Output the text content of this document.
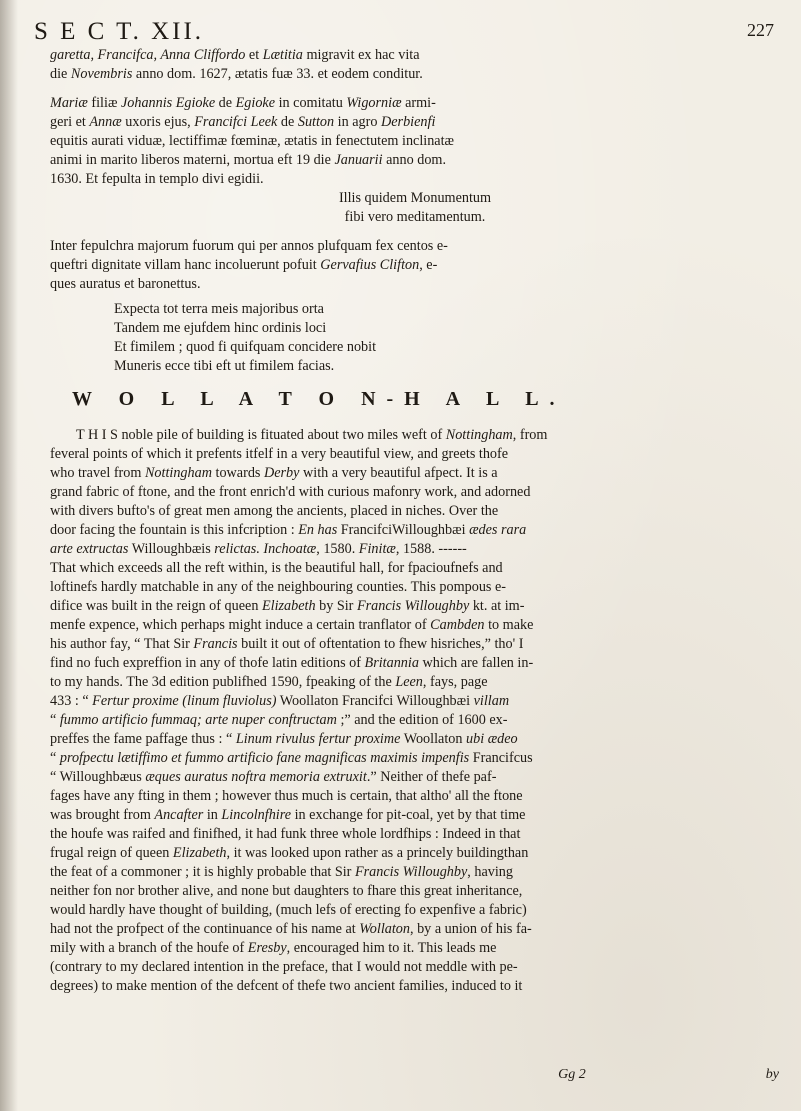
S E C T. XII.	227
garetta, Francifca, Anna Cliffordo et Lætitia migravit ex hac vita
die Novembris anno dom. 1627, ætatis fuæ 33. et eodem conditur.
Mariæ filiæ Johannis Egioke de Egioke in comitatu Wigorniæ armi-
geri et Annæ uxoris ejus, Francifci Leek de Sutton in agro Derbienfi
equitis aurati viduæ, lectiffimæ fœminæ, ætatis in fenectutem inclinatæ
animi in marito liberos materni, mortua eft 19 die Januarii anno dom.
1630. Et fepulta in templo divi egidii.
Illis quidem Monumentum
fibi vero meditamentum.
Inter fepulchra majorum fuorum qui per annos plufquam fex centos e-
queftri dignitate villam hanc incoluerunt pofuit Gervafius Clifton, e-
ques auratus et baronettus.
Expecta tot terra meis majoribus orta
Tandem me ejufdem hinc ordinis loci
Et fimilem ; quod fi quifquam concidere nobit
Muneris ecce tibi eft ut fimilem facias.
W O L L A T O N-H A L L.
T H I S noble pile of building is fituated about two miles weft of Nottingham, from
feveral points of which it prefents itfelf in a very beautiful view, and greets thofe
who travel from Nottingham towards Derby with a very beautiful afpect. It is a
grand fabric of ftone, and the front enrich'd with curious mafonry work, and adorned
with divers bufto's of great men among the ancients, placed in niches. Over the
door facing the fountain is this infcription : En has FrancifciWilloughbæi ædes rara
arte extructas Willoughbæis relictas. Inchoatæ, 1580. Finitæ, 1588. ------
That which exceeds all the reft within, is the beautiful hall, for fpacioufnefs and
loftinefs hardly matchable in any of the neighbouring counties. This pompous e-
difice was built in the reign of queen Elizabeth by Sir Francis Willoughby kt. at im-
menfe expence, which perhaps might induce a certain tranflator of Cambden to make
his author fay, “ That Sir Francis built it out of oftentation to fhew hisriches,” tho' I
find no fuch expreffion in any of thofe latin editions of Britannia which are fallen in-
to my hands. The 3d edition publifhed 1590, fpeaking of the Leen, fays, page
433 : “ Fertur proxime (linum fluviolus) Woollaton Francifci Willoughbæi villam
“ fummo artificio fummaq; arte nuper conftructam ;” and the edition of 1600 ex-
preffes the fame paffage thus : “ Linum rivulus fertur proxime Woollaton ubi ædeo
“ profpectu lætiffimo et fummo artificio fane magnificas maximis impenfis Francifcus
“ Willoughbæus æques auratus noftra memoria extruxit.” Neither of thefe paf-
fages have any fting in them ; however thus much is certain, that altho' all the ftone
was brought from Ancafter in Lincolnfhire in exchange for pit-coal, yet by that time
the houfe was raifed and finifhed, it had funk three whole lordfhips : Indeed in that
frugal reign of queen Elizabeth, it was looked upon rather as a princely buildingthan
the feat of a commoner ; it is highly probable that Sir Francis Willoughby, having
neither fon nor brother alive, and none but daughters to fhare this great inheritance,
would hardly have thought of building, (much lefs of erecting fo expenfive a fabric)
had not the profpect of the continuance of his name at Wollaton, by a union of his fa-
mily with a branch of the houfe of Eresby, encouraged him to it. This leads me
(contrary to my declared intention in the preface, that I would not meddle with pe-
degrees) to make mention of the defcent of thefe two ancient families, induced to it
Gg 2	by
